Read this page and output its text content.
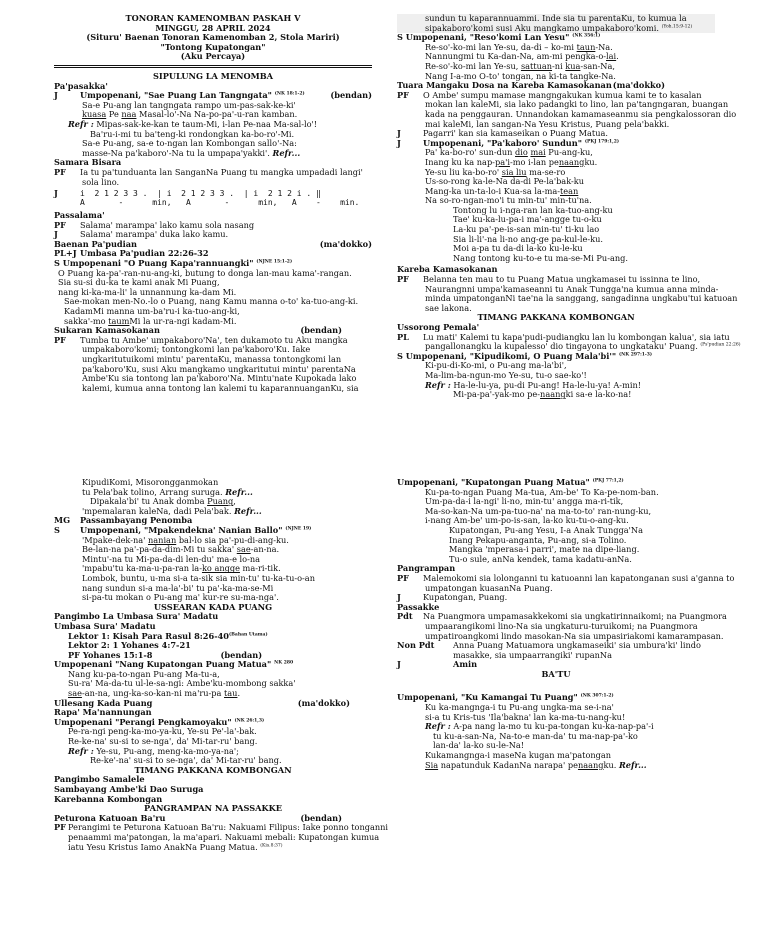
TONORAN KAMENOMBAN PASKAH V
MINGGU, 28 APRIL 2024
(Situru' Baenan Tonoran Kamenomban 2, Stola Mariri)
"Tontong Kupatongan"
(Aku Percaya)
SIPULUNG LA MENOMBA
Pa'pasakka'
J	Umpopenani, "Sae Puang Lan Tangngata" $^{(NK 18:1-2)}$	(bendan)
Sa-e Pu-ang lan tangngata rampo um-pas-sak-ke-ki'
kuasa Pe naa Masal-lo'-Na Na-po-pa'-u-ran kamban.
Refr : Mipas-sak-ke-kan te taum-Mi, i-lan Pe-naa Ma-sal-lo'!
Ba'ru-i-mi tu ba'teng-ki rondongkan ka-bo-ro'-Mi.
Sa-e Pu-ang, sa-e to-ngan lan Kombongan sallo'-Na:
masse-Na pa'kaboro'-Na tu la umpapa'yakki'. Refr...
Samara Bisara
PF Ia tu pa'tunduanta lan SanganNa Puang tu mangka umpadadi langi'
sola lino.
J	i  2 1 2 3 3 .  | i  2 1 2 3 3 .  | i  2 1 2 i . ‖
A       -      min,   A       -      min,   A    -    min.
Passalama'
PF Salama' marampa' lako kamu sola nasang
J	Salama' marampa' duka lako kamu.
Baenan Pa'pudian	(ma'dokko)
PL+J Umbasa Pa'pudian 22:26-32
S Umpopenani "O Puang Kapa'rannuangki" $^{(NJNE 15:1-2)}$
O Puang ka-pa'-ran-nu-ang-ki, butung to donga lan-mau kama'-rangan.
Sia su-si du-ka te kami anak Mi Puang,
nang ki-ka-ma-li' la unnannung ka-dam Mi.
Sae-mokan men-No.-lo o Puang, nang Kamu manna o-to' ka-tuo-ang-ki.
KadamMi manna um-ba'ru-i ka-tuo-ang-ki,
sakka'-mo taumMi la ur-ra-ngi kadam-Mi.
Sukaran Kamasokanan	(bendan)
PF Tumba tu Ambe' umpakaboro'Na', ten dukamoto tu Aku mangka
umpakaboro'komi; tontongkomi lan pa'kaboro'Ku. Iake
ungkaritutuikomi mintu' parentaKu, manassa tontongkomi lan
pa'kaboro'Ku, susi Aku mangkamo ungkaritutui mintu' parentaNa
Ambe'Ku sia tontong lan pa'kaboro'Na. Mintu'nate Kupokada lako
kalemi, kumua anna tontong lan kalemi tu kaparannuanganKu, sia
sundun tu kaparannuammi. Inde sia tu parentaKu, to kumua la
sipakaboro'komi susi Aku mangkamo umpakaboro'komi. $^{(Yoh.15:9-12)}$
S Umpopenani, "Reso'komi Lan Yesu" $^{(NK 356:1)}$
Re-so'-ko-mi lan Ye-su, da-di – ko-mi taun-Na.
Nannungmi tu Ka-dan-Na, am-mi pengka-o-lai.
Re-so'-ko-mi lan Ye-su, sattuan-ni kua-san-Na,
Nang I-a-mo O-to' tongan, na ki-ta tangke-Na.
Tuara Mangaku Dosa na Kareba Kamasokanan (ma'dokko)
PF O Ambe' sumpu mamase mangngakukan kumua kami te to kasalan
mokan lan kaleMi, sia lako padangki to lino, lan pa'tangngaran, buangan
kada na penggauran. Unnandokan kamamaseanmu sia pengkalossoran dio
mai kaleMi, lan sangan-Na Yesu Kristus, Puang pela'bakki.
J	Pagarri' kan sia kamaseikan o Puang Matua.
J	Umpopenani, "Pa'kaboro' Sundun" $^{(PKJ 179:1,2)}$
Pa' ka-bo-ro' sun-dun dio mai Pu-ang-ku,
Inang ku ka nap-pa'i-mo i-lan penaangku.
Ye-su liu ka-bo-ro' sia liu ma-se-ro
Us-so-rong ka-le-Na da-di Pe-la'bak-ku
Mang-ka un-ta-lo-i Kua-sa la-ma-tean
Na so-ro-ngan-mo'i tu min-tu' min-tu'na.
Tontong lu i-nga-ran lan ka-tuo-ang-ku
Tae' ku-ka-lu-pa-i ma'-angge tu-o-ku
La-ku pa'-pe-is-san min-tu' ti-ku lao
Sia li-li'-na li-no ang-ge pa-kul-le-ku.
Moi a-pa tu da-di la-ko ku-le-ku
Nang tontong ku-to-e tu ma-se-Mi Pu-ang.
Kareba Kamasokanan
PF Belanna ten mau to tu Puang Matua ungkamasei tu issinna te lino,
Naurangnni umpa'kamaseanni tu Anak Tungga'na kumua anna minda-
minda umpatonganNi tae'na la sanggang, sangadinna ungkabu'tui katuoan
sae lakona.
TIMANG PAKKANA KOMBONGAN
Ussorong Pemala'
PL Lu mati' Kalemi tu kapa'pudi-pudiangku lan lu kombongan kalua', sia iatu
pangallonangku la kupalesso' dio tingayona to ungkataku' Puang. $^{(Ps'pudian 22:26)}$
S Umpopenani, "Kipudikomi, O Puang Mala'bi'" $^{(NK 297:1-3)}$
Ki-pu-di-Ko-mi, o Pu-ang ma-la'bi',
Ma-lim-ba-ngun-mo Ye-su, tu-o sae-ko'!
Refr : Ha-le-lu-ya, pu-di Pu-ang! Ha-le-lu-ya! A-min!
Mi-pa-pa'-yak-mo pe-naangki sa-e la-ko-na!
KipudiKomi, Misorongganmokan
tu Pela'bak tolino, Arrang suruga. Refr...
Dipakala'bi' tu Anak domba Puang,
'mpemalaran kaleNa, dadi Pela'bak. Refr...
MG Passambayang Penomba
S Umpopenani, "Mpakendekna' Nanian Ballo" $^{(NJNE 19)}$
'Mpake-dek-na' nanian bal-lo sia pa'-pu-di-ang-ku.
Be-lan-na pa'-pa-da-dim-Mi tu sakka' sae-an-na.
Mintu'-na tu Mi-pa-da-di len-du' ma-e lo-na
'mpabu'tu ka-ma-u-pa-ran la-ko angge ma-ri-tik.
Lombok, buntu, u-ma si-a ta-sik sia min-tu' tu-ka-tu-o-an
nang sundun si-a ma-la'-bi' tu pa'-ka-ma-se-Mi
si-pa-tu mokan o Pu-ang ma' kur-re su-ma-nga'.
USSEARAN KADA PUANG
Pangimbo La Umbasa Sura' Madatu
Umbasa Sura' Madatu
Lektor 1: Kisah Para Rasul $8:26-40^{(Bahan Utama)}$
Lektor 2: 1 Yohanes 4:7-21
PF Yohanes 15:1-8	(bendan)
Umpopenani "Nang Kupatongan Puang Matua" $^{NK 280}$
Nang ku-pa-to-ngan Pu-ang Ma-tu-a,
Su-ra' Ma-da-tu ul-le-sa-ngi: Ambe'ku-mombong sakka'
sae-an-na, ung-ka-so-kan-ni ma'ru-pa tau.
Ullesang Kada Puang	(ma'dokko)
Rapa' Ma'nannungan
Umpopenani "Perangi Pengkamoyaku" $^{(NK 26:1,3)}$
Pe-ra-ngi peng-ka-mo-ya-ku, Ye-su Pe'-la'-bak.
Re-ke-na' su-si to se-nga', da' Mi-tar-ru' bang.
Refr : Ye-su, Pu-ang, meng-ka-mo-ya-na';
Re-ke'-na' su-si to se-nga', da' Mi-tar-ru' bang.
TIMANG PAKKANA KOMBONGAN
Pangimbo Samalele
Sambayang Ambe'ki Dao Suruga
Karebanna Kombongan
PANGRAMPAN NA PASSAKKE
Peturona Katuoan Ba'ru	(bendan)
PF Perangimi te Peturona Katuoan Ba'ru: Nakuami Filipus: Iake ponno tonganni
penaammi ma'patongan, la ma'apari. Nakuami mebali: Kupatongan kumua
iatu Yesu Kristus Iamo AnakNa Puang Matua. $^{(Kis.8:37)}$
Umpopenani, "Kupatongan Puang Matua" $^{(PKJ 77:1,2)}$
Ku-pa-to-ngan Puang Ma-tua, Am-be' To Ka-pe-nom-ban.
Um-pa-da-i la-ngi' li-no, min-tu' angga ma-ri-tik,
Ma-so-kan-Na um-pa-tuo-na' na ma-to-to' ran-nung-ku,
i-nang Am-be' um-po-is-san, la-ko ku-tu-o-ang-ku.
Kupatongan, Pu-ang Yesu, I-a Anak Tungga'Na
Inang Pekapu-anganta, Pu-ang, si-a Tolino.
Mangka 'mperasa-i parri', mate na dipe-liang.
Tu-o sule, anNa kendek, tama kadatu-anNa.
Pangrampan
PF Malemokomi sia lolonganni tu katuoanni lan kapatonganan susi a'ganna to
umpatongan kuasanNa Puang.
J	Kupatongan, Puang.
Passakke
Pdt Na Puangmora umpamasakkekomi sia ungkatirinnaikomi; na Puangmora
umpaarangikomi lino-Na sia ungkaturu-turuikomi; na Puangmora
umpatiroangkomi lindo masokan-Na sia umpasiriakomi kamarampasan.
Non Pdt Anna Puang Matuamora ungkamaseiki' sia umbura'ki' lindo
masakke, sia umpaarrangiki' rupanNa
J	Amin
BA'TU
Umpopenani, "Ku Kamangai Tu Puang" $^{(NK 307:1-2)}$
Ku ka-mangnga-i tu Pu-ang ungka-ma se-i-na'
si-a tu Kris-tus 'Ila'bakna' lan ka-ma-tu-nang-ku!
Refr : A-pa nang la-mo tu ku-pa-tongan ku-ka-nap-pa'-i
tu ku-a-san-Na, Na-to-e man-da' tu ma-nap-pa'-ko
lan-da' la-ko su-le-Na!
Kukamangnga-i maseNa kugan ma'patongan
Sia napatunduk KadanNa narapa' penaangku. Refr...
